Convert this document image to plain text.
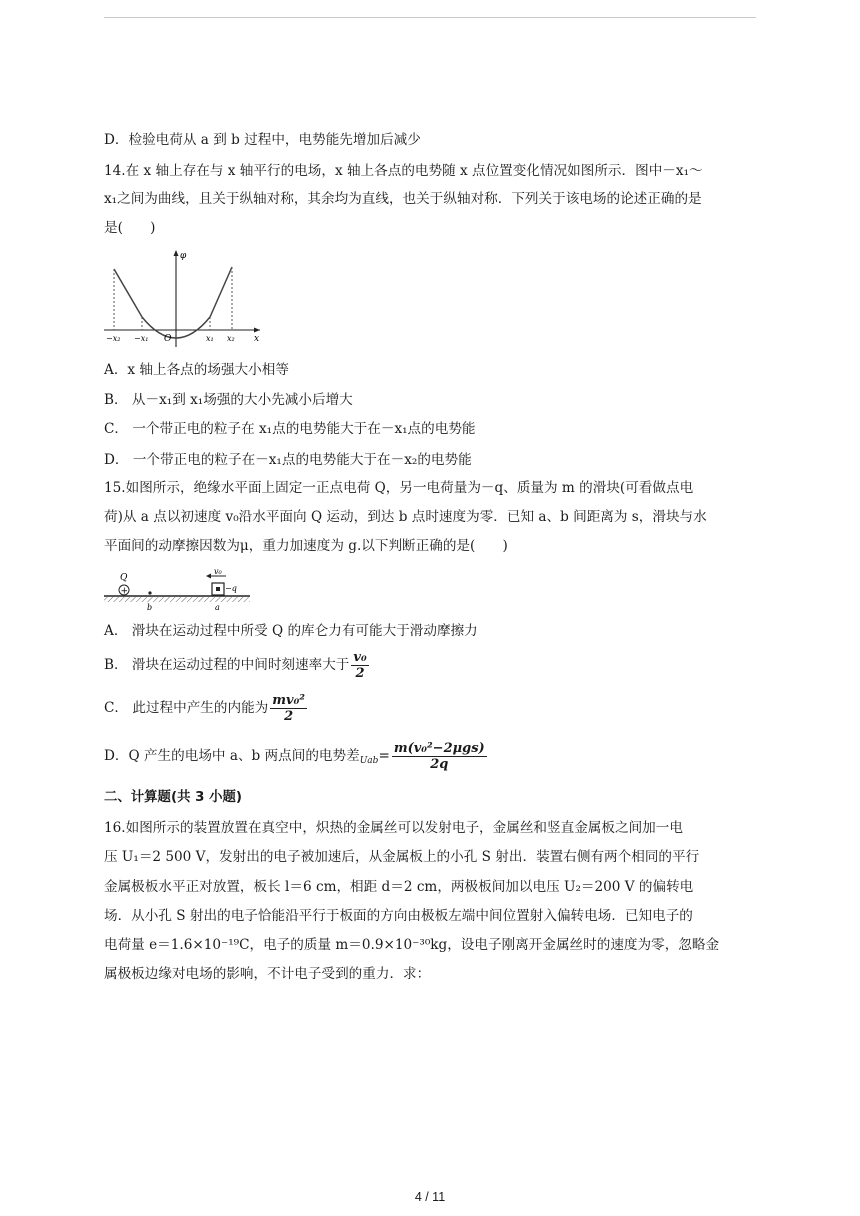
D．检验电荷从 a 到 b 过程中，电势能先增加后减少
14.在 x 轴上存在与 x 轴平行的电场，x 轴上各点的电势随 x 点位置变化情况如图所示．图中－x₁～
x₁之间为曲线，且关于纵轴对称，其余均为直线，也关于纵轴对称．下列关于该电场的论述正确的是
是(　　)
φ
−x₂ −x₁ O	x₁ x₂ x
A．x 轴上各点的场强大小相等
B． 从－x₁到 x₁场强的大小先减小后增大
C． 一个带正电的粒子在 x₁点的电势能大于在－x₁点的电势能
D． 一个带正电的粒子在－x₁点的电势能大于在－x₂的电势能
15.如图所示，绝缘水平面上固定一正点电荷 Q，另一电荷量为－q、质量为 m 的滑块(可看做点电
荷)从 a 点以初速度 v₀沿水平面向 Q 运动，到达 b 点时速度为零．已知 a、b 间距离为 s，滑块与水
平面间的动摩擦因数为μ，重力加速度为 g.以下判断正确的是(　　)
+
Q
b
v₀
−q
a
A． 滑块在运动过程中所受 Q 的库仑力有可能大于滑动摩擦力
B． 滑块在运动过程的中间时刻速率大于 $\frac{\text{v₀}}{2}$
C． 此过程中产生的内能为 $\frac{\text{mv₀²}}{2}$
D．Q 产生的电场中 a、b 两点间的电势差$_{Uab}= \frac{\text{m(v₀²−2μgs)}}{2q}$
二、计算题(共 3 小题)
16.如图所示的装置放置在真空中，炽热的金属丝可以发射电子，金属丝和竖直金属板之间加一电
压 U₁＝2 500 V，发射出的电子被加速后，从金属板上的小孔 S 射出．装置右侧有两个相同的平行
金属极板水平正对放置，板长 l＝6 cm，相距 d＝2 cm，两极板间加以电压 U₂＝200 V 的偏转电
场．从小孔 S 射出的电子恰能沿平行于板面的方向由极板左端中间位置射入偏转电场．已知电子的
电荷量 e＝1.6×10⁻¹⁹C，电子的质量 m＝0.9×10⁻³⁰kg，设电子刚离开金属丝时的速度为零，忽略金
属极板边缘对电场的影响，不计电子受到的重力．求：
4 / 11
